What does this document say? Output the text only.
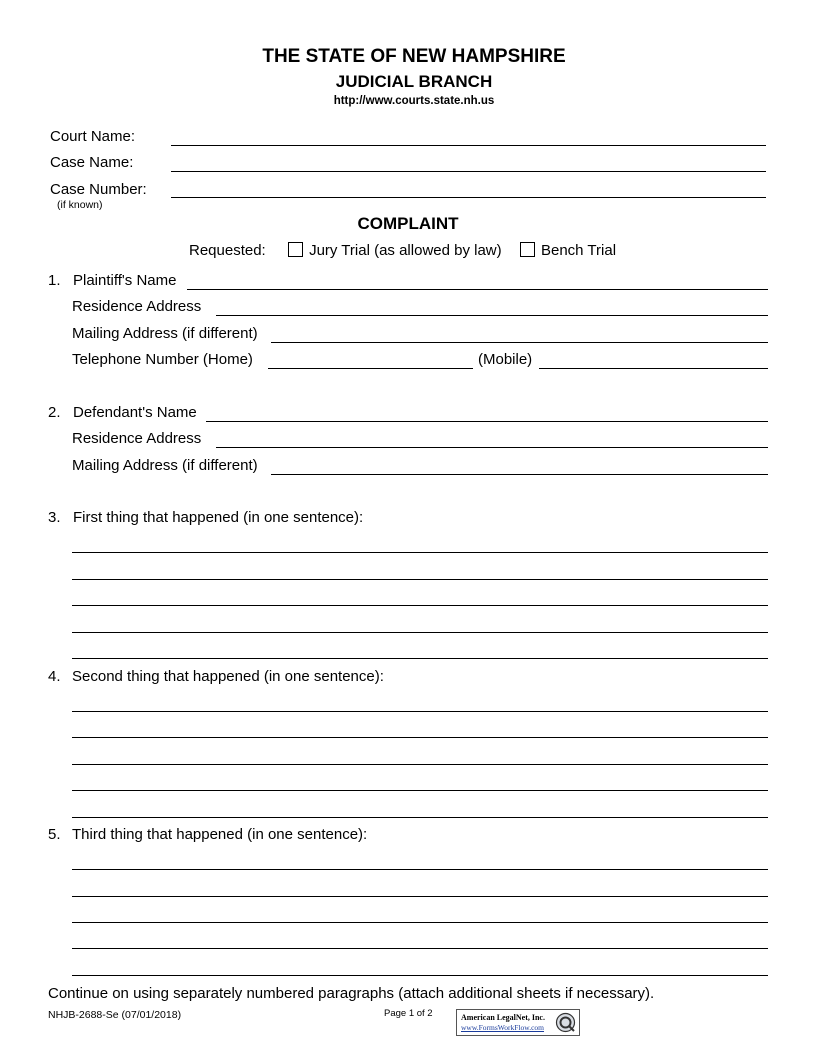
THE STATE OF NEW HAMPSHIRE
JUDICIAL BRANCH
http://www.courts.state.nh.us
Court Name:
Case Name:
Case Number:
(if known)
COMPLAINT
Requested:	Jury Trial (as allowed by law)	Bench Trial
1. Plaintiff's Name
Residence Address
Mailing Address (if different)
Telephone Number (Home)	(Mobile)
2. Defendant's Name
Residence Address
Mailing Address (if different)
3. First thing that happened (in one sentence):
4. Second thing that happened (in one sentence):
5. Third thing that happened (in one sentence):
Continue on using separately numbered paragraphs (attach additional sheets if necessary).
NHJB-2688-Se (07/01/2018)	Page 1 of 2	American LegalNet, Inc.
www.FormsWorkFlow.com
